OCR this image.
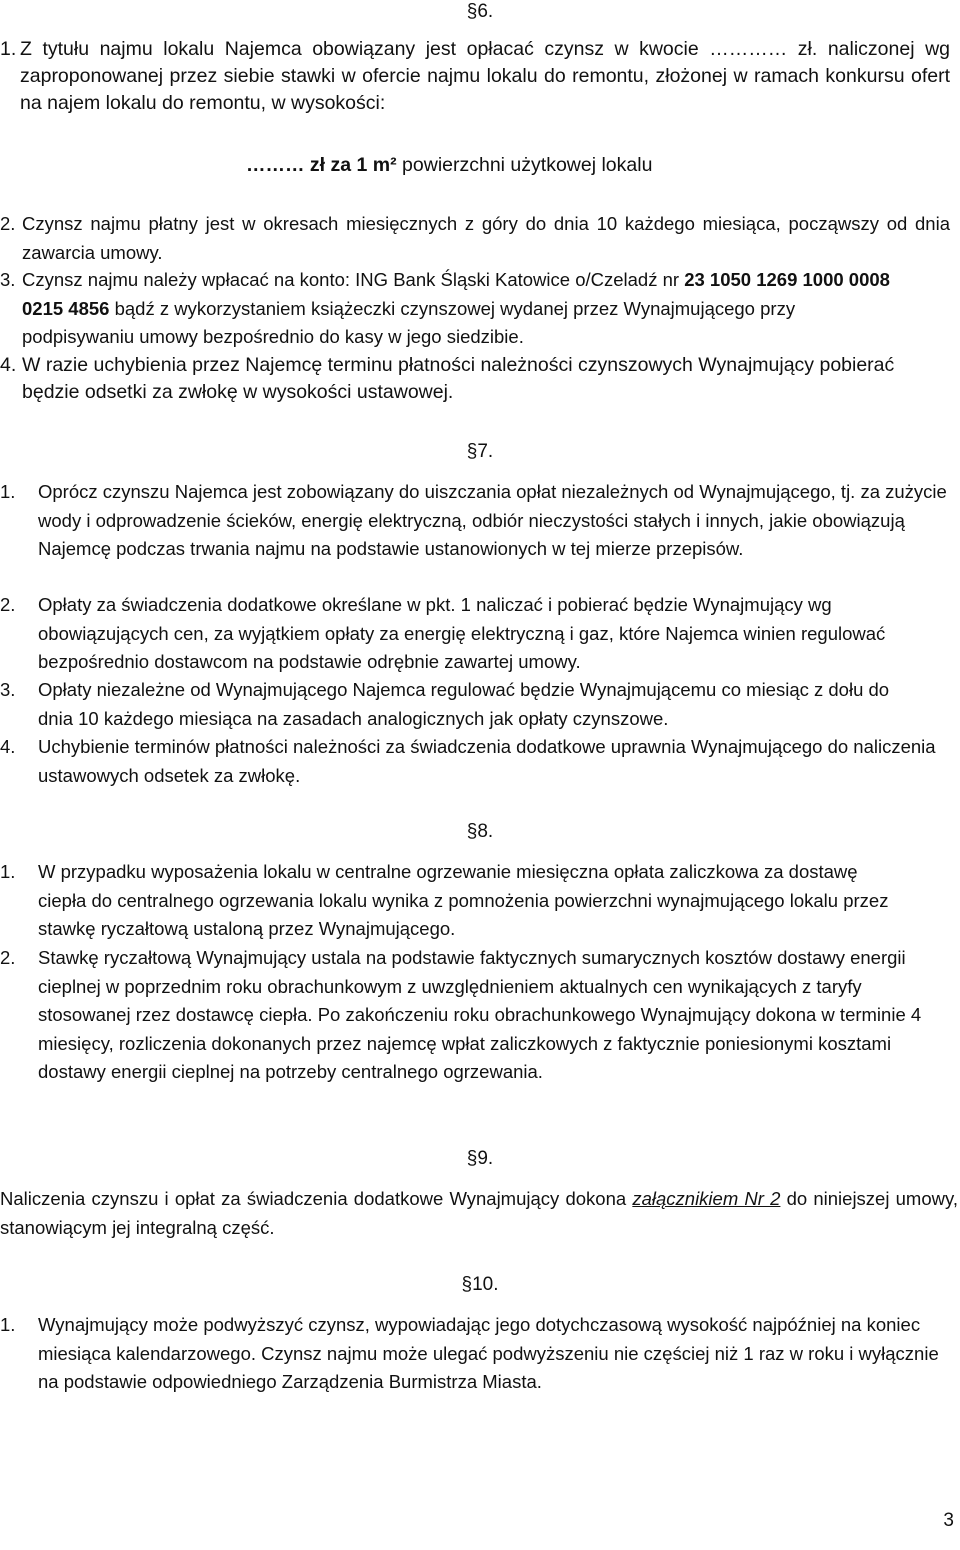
§6.
1. Z tytułu najmu lokalu Najemca obowiązany jest opłacać czynsz w kwocie ………… zł. naliczonej wg zaproponowanej przez siebie stawki w ofercie najmu lokalu do remontu, złożonej w ramach konkursu ofert na najem lokalu do remontu, w wysokości:

……… zł za 1 m² powierzchni użytkowej lokalu
2. Czynsz najmu płatny jest w okresach miesięcznych z góry do dnia 10 każdego miesiąca, począwszy od dnia zawarcia umowy.

3. Czynsz najmu należy wpłacać na konto: ING Bank Śląski Katowice o/Czeladź nr 23 1050 1269 1000 0008 0215 4856 bądź z wykorzystaniem książeczki czynszowej wydanej przez Wynajmującego przy podpisywaniu umowy bezpośrednio do kasy w jego siedzibie.

4. W razie uchybienia przez Najemcę terminu płatności należności czynszowych Wynajmujący pobierać będzie odsetki za zwłokę w wysokości ustawowej.

§7.
1. Oprócz czynszu Najemca jest zobowiązany do uiszczania opłat niezależnych od Wynajmującego, tj. za zużycie wody i odprowadzenie ścieków, energię elektryczną, odbiór nieczystości stałych i innych, jakie obowiązują Najemcę podczas trwania najmu na podstawie ustanowionych w tej mierze przepisów.

2. Opłaty za świadczenia dodatkowe określane w pkt. 1 naliczać i pobierać będzie Wynajmujący wg obowiązujących cen, za wyjątkiem opłaty za energię elektryczną i gaz, które Najemca winien regulować bezpośrednio dostawcom na podstawie odrębnie zawartej umowy.

3. Opłaty niezależne od Wynajmującego Najemca regulować będzie Wynajmującemu co miesiąc z dołu do dnia 10 każdego miesiąca na zasadach analogicznych jak opłaty czynszowe.

4. Uchybienie terminów płatności należności za świadczenia dodatkowe uprawnia Wynajmującego do naliczenia ustawowych odsetek za zwłokę.

§8.
1. W przypadku wyposażenia lokalu w centralne ogrzewanie miesięczna opłata zaliczkowa za dostawę ciepła do centralnego ogrzewania lokalu wynika z pomnożenia powierzchni wynajmującego lokalu przez stawkę ryczałtową ustaloną przez Wynajmującego.

2. Stawkę ryczałtową Wynajmujący ustala na podstawie faktycznych sumarycznych kosztów dostawy energii cieplnej w poprzednim roku obrachunkowym z uwzględnieniem aktualnych cen wynikających z taryfy stosowanej rzez dostawcę ciepła. Po zakończeniu roku obrachunkowego Wynajmujący dokona w terminie 4 miesięcy, rozliczenia dokonanych przez najemcę wpłat zaliczkowych z faktycznie poniesionymi kosztami dostawy energii cieplnej na potrzeby centralnego ogrzewania.

§9.

Naliczenia czynszu i opłat za świadczenia dodatkowe Wynajmujący dokona załącznikiem Nr 2 do niniejszej umowy, stanowiącym jej integralną część.

§10.
1. Wynajmujący może podwyższyć czynsz, wypowiadając jego dotychczasową wysokość najpóźniej na koniec miesiąca kalendarzowego. Czynsz najmu może ulegać podwyższeniu nie częściej niż 1 raz w roku i wyłącznie na podstawie odpowiedniego Zarządzenia Burmistrza Miasta.

3
